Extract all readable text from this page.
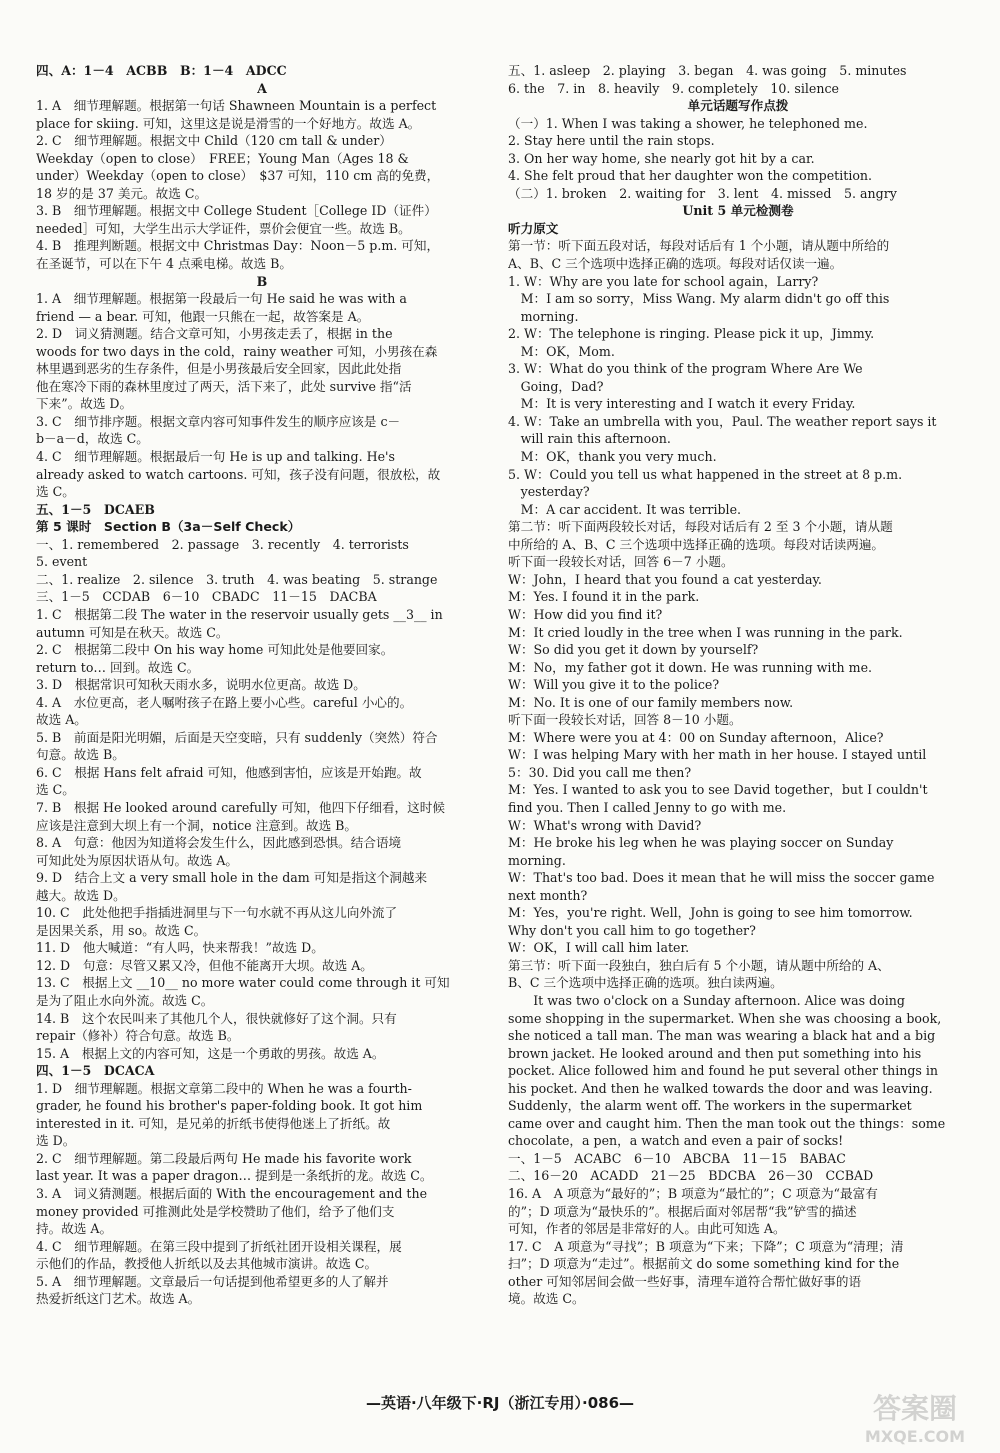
四、A：1－4　ACBB　B：1－4　ADCC
A
1. A　细节理解题。根据第一句话 Shawneen Mountain is a perfect
place for skiing. 可知，这里这是说是滑雪的一个好地方。故选 A。
2. C　细节理解题。根据文中 Child（120 cm tall & under）
Weekday（open to close）　FREE；Young Man（Ages 18 &
under）Weekday（open to close）　$37 可知，110 cm 高的免费，
18 岁的是 37 美元。故选 C。
3. B　细节理解题。根据文中 College Student［College ID（证件）
needed］可知，大学生出示大学证件，票价会便宜一些。故选 B。
4. B　推理判断题。根据文中 Christmas Day：Noon－5 p.m. 可知，
在圣诞节，可以在下午 4 点乘电梯。故选 B。
B
1. A　细节理解题。根据第一段最后一句 He said he was with a
friend — a bear. 可知，他跟一只熊在一起，故答案是 A。
2. D　词义猜测题。结合文章可知，小男孩走丢了，根据 in the
woods for two days in the cold，rainy weather 可知，小男孩在森
林里遇到恶劣的生存条件，但是小男孩最后安全回家，因此此处指
他在寒冷下雨的森林里度过了两天，活下来了，此处 survive 指“活
下来”。故选 D。
3. C　细节排序题。根据文章内容可知事件发生的顺序应该是 c－
b－a－d，故选 C。
4. C　细节理解题。根据最后一句 He is up and talking. He's
already asked to watch cartoons. 可知，孩子没有问题，很放松，故
选 C。
五、1－5　DCAEB
第 5 课时　Section B（3a－Self Check）
一、1. remembered　2. passage　3. recently　4. terrorists
5. event
二、1. realize　2. silence　3. truth　4. was beating　5. strange
三、1－5　CCDAB　6－10　CBADC　11－15　DACBA
1. C　根据第二段 The water in the reservoir usually gets __3__ in
autumn 可知是在秋天。故选 C。
2. C　根据第二段中 On his way home 可知此处是他要回家。
return to… 回到。故选 C。
3. D　根据常识可知秋天雨水多，说明水位更高。故选 D。
4. A　水位更高，老人嘱咐孩子在路上要小心些。careful 小心的。
故选 A。
5. B　前面是阳光明媚，后面是天空变暗，只有 suddenly（突然）符合
句意。故选 B。
6. C　根据 Hans felt afraid 可知，他感到害怕，应该是开始跑。故
选 C。
7. B　根据 He looked around carefully 可知，他四下仔细看，这时候
应该是注意到大坝上有一个洞，notice 注意到。故选 B。
8. A　句意：他因为知道将会发生什么，因此感到恐惧。结合语境
可知此处为原因状语从句。故选 A。
9. D　结合上文 a very small hole in the dam 可知是指这个洞越来
越大。故选 D。
10. C　此处他把手指插进洞里与下一句水就不再从这儿向外流了
是因果关系，用 so。故选 C。
11. D　他大喊道：“有人吗，快来帮我！”故选 D。
12. D　句意：尽管又累又冷，但他不能离开大坝。故选 A。
13. C　根据上文 __10__ no more water could come through it 可知
是为了阻止水向外流。故选 C。
14. B　这个农民叫来了其他几个人，很快就修好了这个洞。只有
repair（修补）符合句意。故选 B。
15. A　根据上文的内容可知，这是一个勇敢的男孩。故选 A。
四、1－5　DCACA
1. D　细节理解题。根据文章第二段中的 When he was a fourth-
grader, he found his brother's paper-folding book. It got him
interested in it. 可知，是兄弟的折纸书使得他迷上了折纸。故
选 D。
2. C　细节理解题。第二段最后两句 He made his favorite work
last year. It was a paper dragon… 提到是一条纸折的龙。故选 C。
3. A　词义猜测题。根据后面的 With the encouragement and the
money provided 可推测此处是学校赞助了他们，给予了他们支
持。故选 A。
4. C　细节理解题。在第三段中提到了折纸社团开设相关课程，展
示他们的作品，教授他人折纸以及去其他城市演讲。故选 C。
5. A　细节理解题。文章最后一句话提到他希望更多的人了解并
热爱折纸这门艺术。故选 A。
五、1. asleep　2. playing　3. began　4. was going　5. minutes
6. the　7. in　8. heavily　9. completely　10. silence
单元话题写作点拨
（一）1. When I was taking a shower, he telephoned me.
2. Stay here until the rain stops.
3. On her way home, she nearly got hit by a car.
4. She felt proud that her daughter won the competition.
（二）1. broken　2. waiting for　3. lent　4. missed　5. angry
Unit 5 单元检测卷
听力原文
第一节：听下面五段对话，每段对话后有 1 个小题，请从题中所给的
A、B、C 三个选项中选择正确的选项。每段对话仅读一遍。
1. W：Why are you late for school again，Larry?
　M：I am so sorry，Miss Wang. My alarm didn't go off this
　morning.
2. W：The telephone is ringing. Please pick it up，Jimmy.
　M：OK，Mom.
3. W：What do you think of the program Where Are We
　Going，Dad?
　M：It is very interesting and I watch it every Friday.
4. W：Take an umbrella with you，Paul. The weather report says it
　will rain this afternoon.
　M：OK，thank you very much.
5. W：Could you tell us what happened in the street at 8 p.m.
　yesterday?
　M：A car accident. It was terrible.
第二节：听下面两段较长对话，每段对话后有 2 至 3 个小题，请从题
中所给的 A、B、C 三个选项中选择正确的选项。每段对话读两遍。
听下面一段较长对话，回答 6－7 小题。
W：John，I heard that you found a cat yesterday.
M：Yes. I found it in the park.
W：How did you find it?
M：It cried loudly in the tree when I was running in the park.
W：So did you get it down by yourself?
M：No，my father got it down. He was running with me.
W：Will you give it to the police?
M：No. It is one of our family members now.
听下面一段较长对话，回答 8－10 小题。
M：Where were you at 4：00 on Sunday afternoon，Alice?
W：I was helping Mary with her math in her house. I stayed until
5：30. Did you call me then?
M：Yes. I wanted to ask you to see David together，but I couldn't
find you. Then I called Jenny to go with me.
W：What's wrong with David?
M：He broke his leg when he was playing soccer on Sunday
morning.
W：That's too bad. Does it mean that he will miss the soccer game
next month?
M：Yes，you're right. Well，John is going to see him tomorrow.
Why don't you call him to go together?
W：OK，I will call him later.
第三节：听下面一段独白，独白后有 5 个小题，请从题中所给的 A、
B、C 三个选项中选择正确的选项。独白读两遍。
　　It was two o'clock on a Sunday afternoon. Alice was doing
some shopping in the supermarket. When she was choosing a book,
she noticed a tall man. The man was wearing a black hat and a big
brown jacket. He looked around and then put something into his
pocket. Alice followed him and found he put several other things in
his pocket. And then he walked towards the door and was leaving.
Suddenly，the alarm went off. The workers in the supermarket
came over and caught him. Then the man took out the things：some
chocolate，a pen，a watch and even a pair of socks!
一、1－5　ACABC　6－10　ABCBA　11－15　BABAC
二、16－20　ACADD　21－25　BDCBA　26－30　CCBAD
16. A　A 项意为“最好的”；B 项意为“最忙的”；C 项意为“最富有
的”；D 项意为“最快乐的”。根据后面对邻居帮“我”铲雪的描述
可知，作者的邻居是非常好的人。由此可知选 A。
17. C　A 项意为“寻找”；B 项意为“下来；下降”；C 项意为“清理；清
扫”；D 项意为“走过”。根据前文 do some something kind for the
other 可知邻居间会做一些好事，清理车道符合帮忙做好事的语
境。故选 C。
—英语·八年级下·RJ（浙江专用）·086—	答案圈
MXQE.COM
